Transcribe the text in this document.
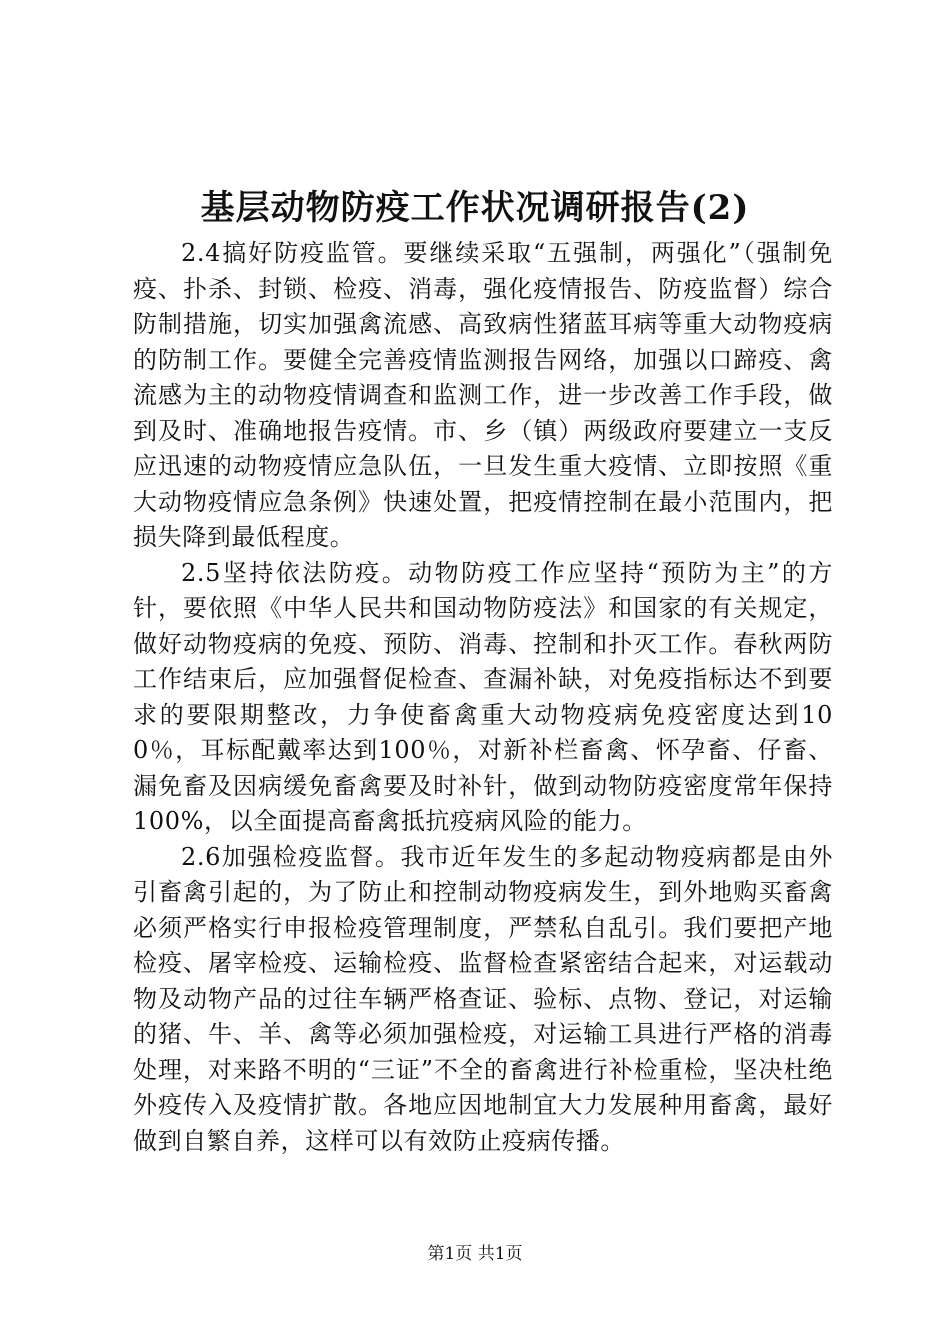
基层动物防疫工作状况调研报告(2)

2.4搞好防疫监管。要继续采取“五强制，两强化”（强制免疫、扑杀、封锁、检疫、消毒，强化疫情报告、防疫监督）综合防制措施，切实加强禽流感、高致病性猪蓝耳病等重大动物疫病的防制工作。要健全完善疫情监测报告网络，加强以口蹄疫、禽流感为主的动物疫情调查和监测工作，进一步改善工作手段，做到及时、准确地报告疫情。市、乡（镇）两级政府要建立一支反应迅速的动物疫情应急队伍，一旦发生重大疫情、立即按照《重大动物疫情应急条例》快速处置，把疫情控制在最小范围内，把损失降到最低程度。

2.5坚持依法防疫。动物防疫工作应坚持“预防为主”的方针，要依照《中华人民共和国动物防疫法》和国家的有关规定，做好动物疫病的免疫、预防、消毒、控制和扑灭工作。春秋两防工作结束后，应加强督促检查、查漏补缺，对免疫指标达不到要求的要限期整改，力争使畜禽重大动物疫病免疫密度达到100％，耳标配戴率达到100％，对新补栏畜禽、怀孕畜、仔畜、漏免畜及因病缓免畜禽要及时补针，做到动物防疫密度常年保持100%，以全面提高畜禽抵抗疫病风险的能力。

2.6加强检疫监督。我市近年发生的多起动物疫病都是由外引畜禽引起的，为了防止和控制动物疫病发生，到外地购买畜禽必须严格实行申报检疫管理制度，严禁私自乱引。我们要把产地检疫、屠宰检疫、运输检疫、监督检查紧密结合起来，对运载动物及动物产品的过往车辆严格查证、验标、点物、登记，对运输的猪、牛、羊、禽等必须加强检疫，对运输工具进行严格的消毒处理，对来路不明的“三证”不全的畜禽进行补检重检，坚决杜绝外疫传入及疫情扩散。各地应因地制宜大力发展种用畜禽，最好做到自繁自养，这样可以有效防止疫病传播。

第1页 共1页
